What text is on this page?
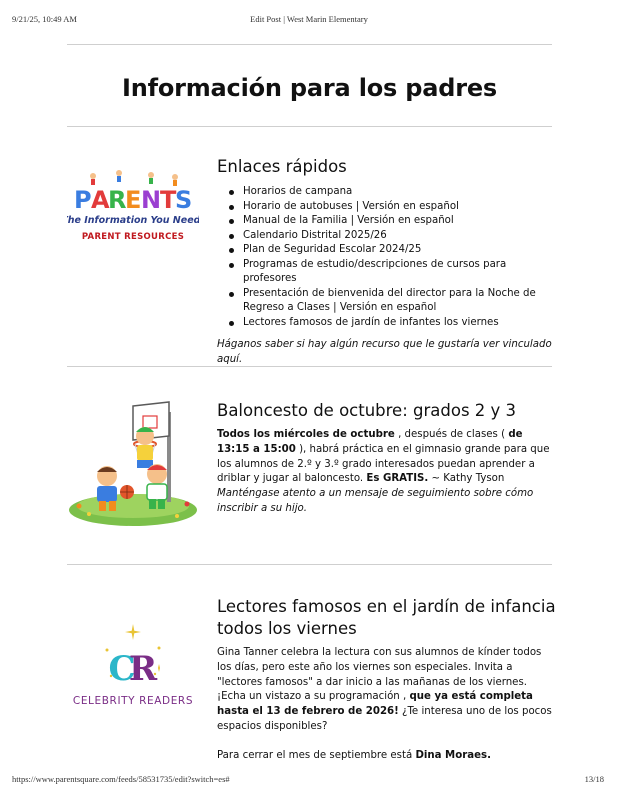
9/21/25, 10:49 AM	Edit Post | West Marin Elementary
Información para los padres
P A
R
E N
T
S
The Information You Need!
PARENT RESOURCES
Enlaces rápidos
Horarios de campana
Horario de autobuses | Versión en español
Manual de la Familia | Versión en español
Calendario Distrital 2025/26
Plan de Seguridad Escolar 2024/25
Programas de estudio/descripciones de cursos para profesores
Presentación de bienvenida del director para la Noche de Regreso a Clases | Versión en español
Lectores famosos de jardín de infantes los viernes

Háganos saber si hay algún recurso que le gustaría ver vinculado aquí.

Baloncesto de octubre: grados 2 y 3

Todos los miércoles de octubre , después de clases ( de 13:15 a 15:00 ), habrá práctica en el gimnasio grande para que los alumnos de 2.º y 3.º grado interesados puedan aprender a driblar y jugar al baloncesto. Es GRATIS. ~ Kathy Tyson

Manténgase atento a un mensaje de seguimiento sobre cómo inscribir a su hijo.

C
R
CELEBRITY READERS
Lectores famosos en el jardín de infancia todos los viernes

Gina Tanner celebra la lectura con sus alumnos de kínder todos los días, pero este año los viernes son especiales. Invita a "lectores famosos" a dar inicio a las mañanas de los viernes. ¡Echa un vistazo a su programación , que ya está completa hasta el 13 de febrero de 2026! ¿Te interesa uno de los pocos espacios disponibles?

Para cerrar el mes de septiembre está Dina Moraes.

https://www.parentsquare.com/feeds/58531735/edit?switch=es#	13/18
